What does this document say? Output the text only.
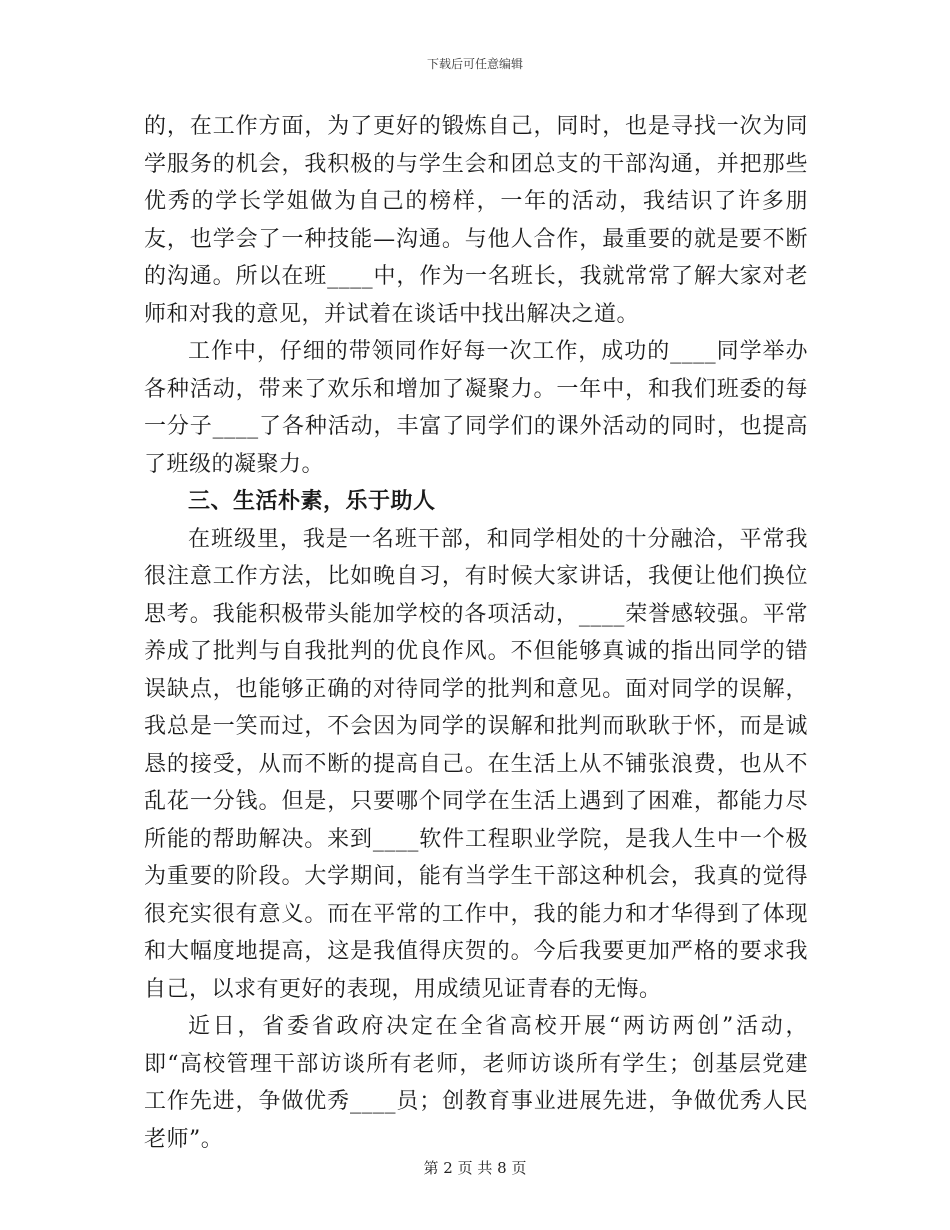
下载后可任意编辑

的，在工作方面，为了更好的锻炼自己，同时，也是寻找一次为同学服务的机会，我积极的与学生会和团总支的干部沟通，并把那些优秀的学长学姐做为自己的榜样，一年的活动，我结识了许多朋友，也学会了一种技能—沟通。与他人合作，最重要的就是要不断的沟通。所以在班____中，作为一名班长，我就常常了解大家对老师和对我的意见，并试着在谈话中找出解决之道。

工作中，仔细的带领同作好每一次工作，成功的____同学举办各种活动，带来了欢乐和增加了凝聚力。一年中，和我们班委的每一分子____了各种活动，丰富了同学们的课外活动的同时，也提高了班级的凝聚力。

三、生活朴素，乐于助人

在班级里，我是一名班干部，和同学相处的十分融洽，平常我很注意工作方法，比如晚自习，有时候大家讲话，我便让他们换位思考。我能积极带头能加学校的各项活动，____荣誉感较强。平常养成了批判与自我批判的优良作风。不但能够真诚的指出同学的错误缺点，也能够正确的对待同学的批判和意见。面对同学的误解，我总是一笑而过，不会因为同学的误解和批判而耿耿于怀，而是诚恳的接受，从而不断的提高自己。在生活上从不铺张浪费，也从不乱花一分钱。但是，只要哪个同学在生活上遇到了困难，都能力尽所能的帮助解决。来到____软件工程职业学院，是我人生中一个极为重要的阶段。大学期间，能有当学生干部这种机会，我真的觉得很充实很有意义。而在平常的工作中，我的能力和才华得到了体现和大幅度地提高，这是我值得庆贺的。今后我要更加严格的要求我自己，以求有更好的表现，用成绩见证青春的无悔。

近日，省委省政府决定在全省高校开展“两访两创”活动，即“高校管理干部访谈所有老师，老师访谈所有学生；创基层党建工作先进，争做优秀____员；创教育事业进展先进，争做优秀人民老师”。

第 2 页 共 8 页
